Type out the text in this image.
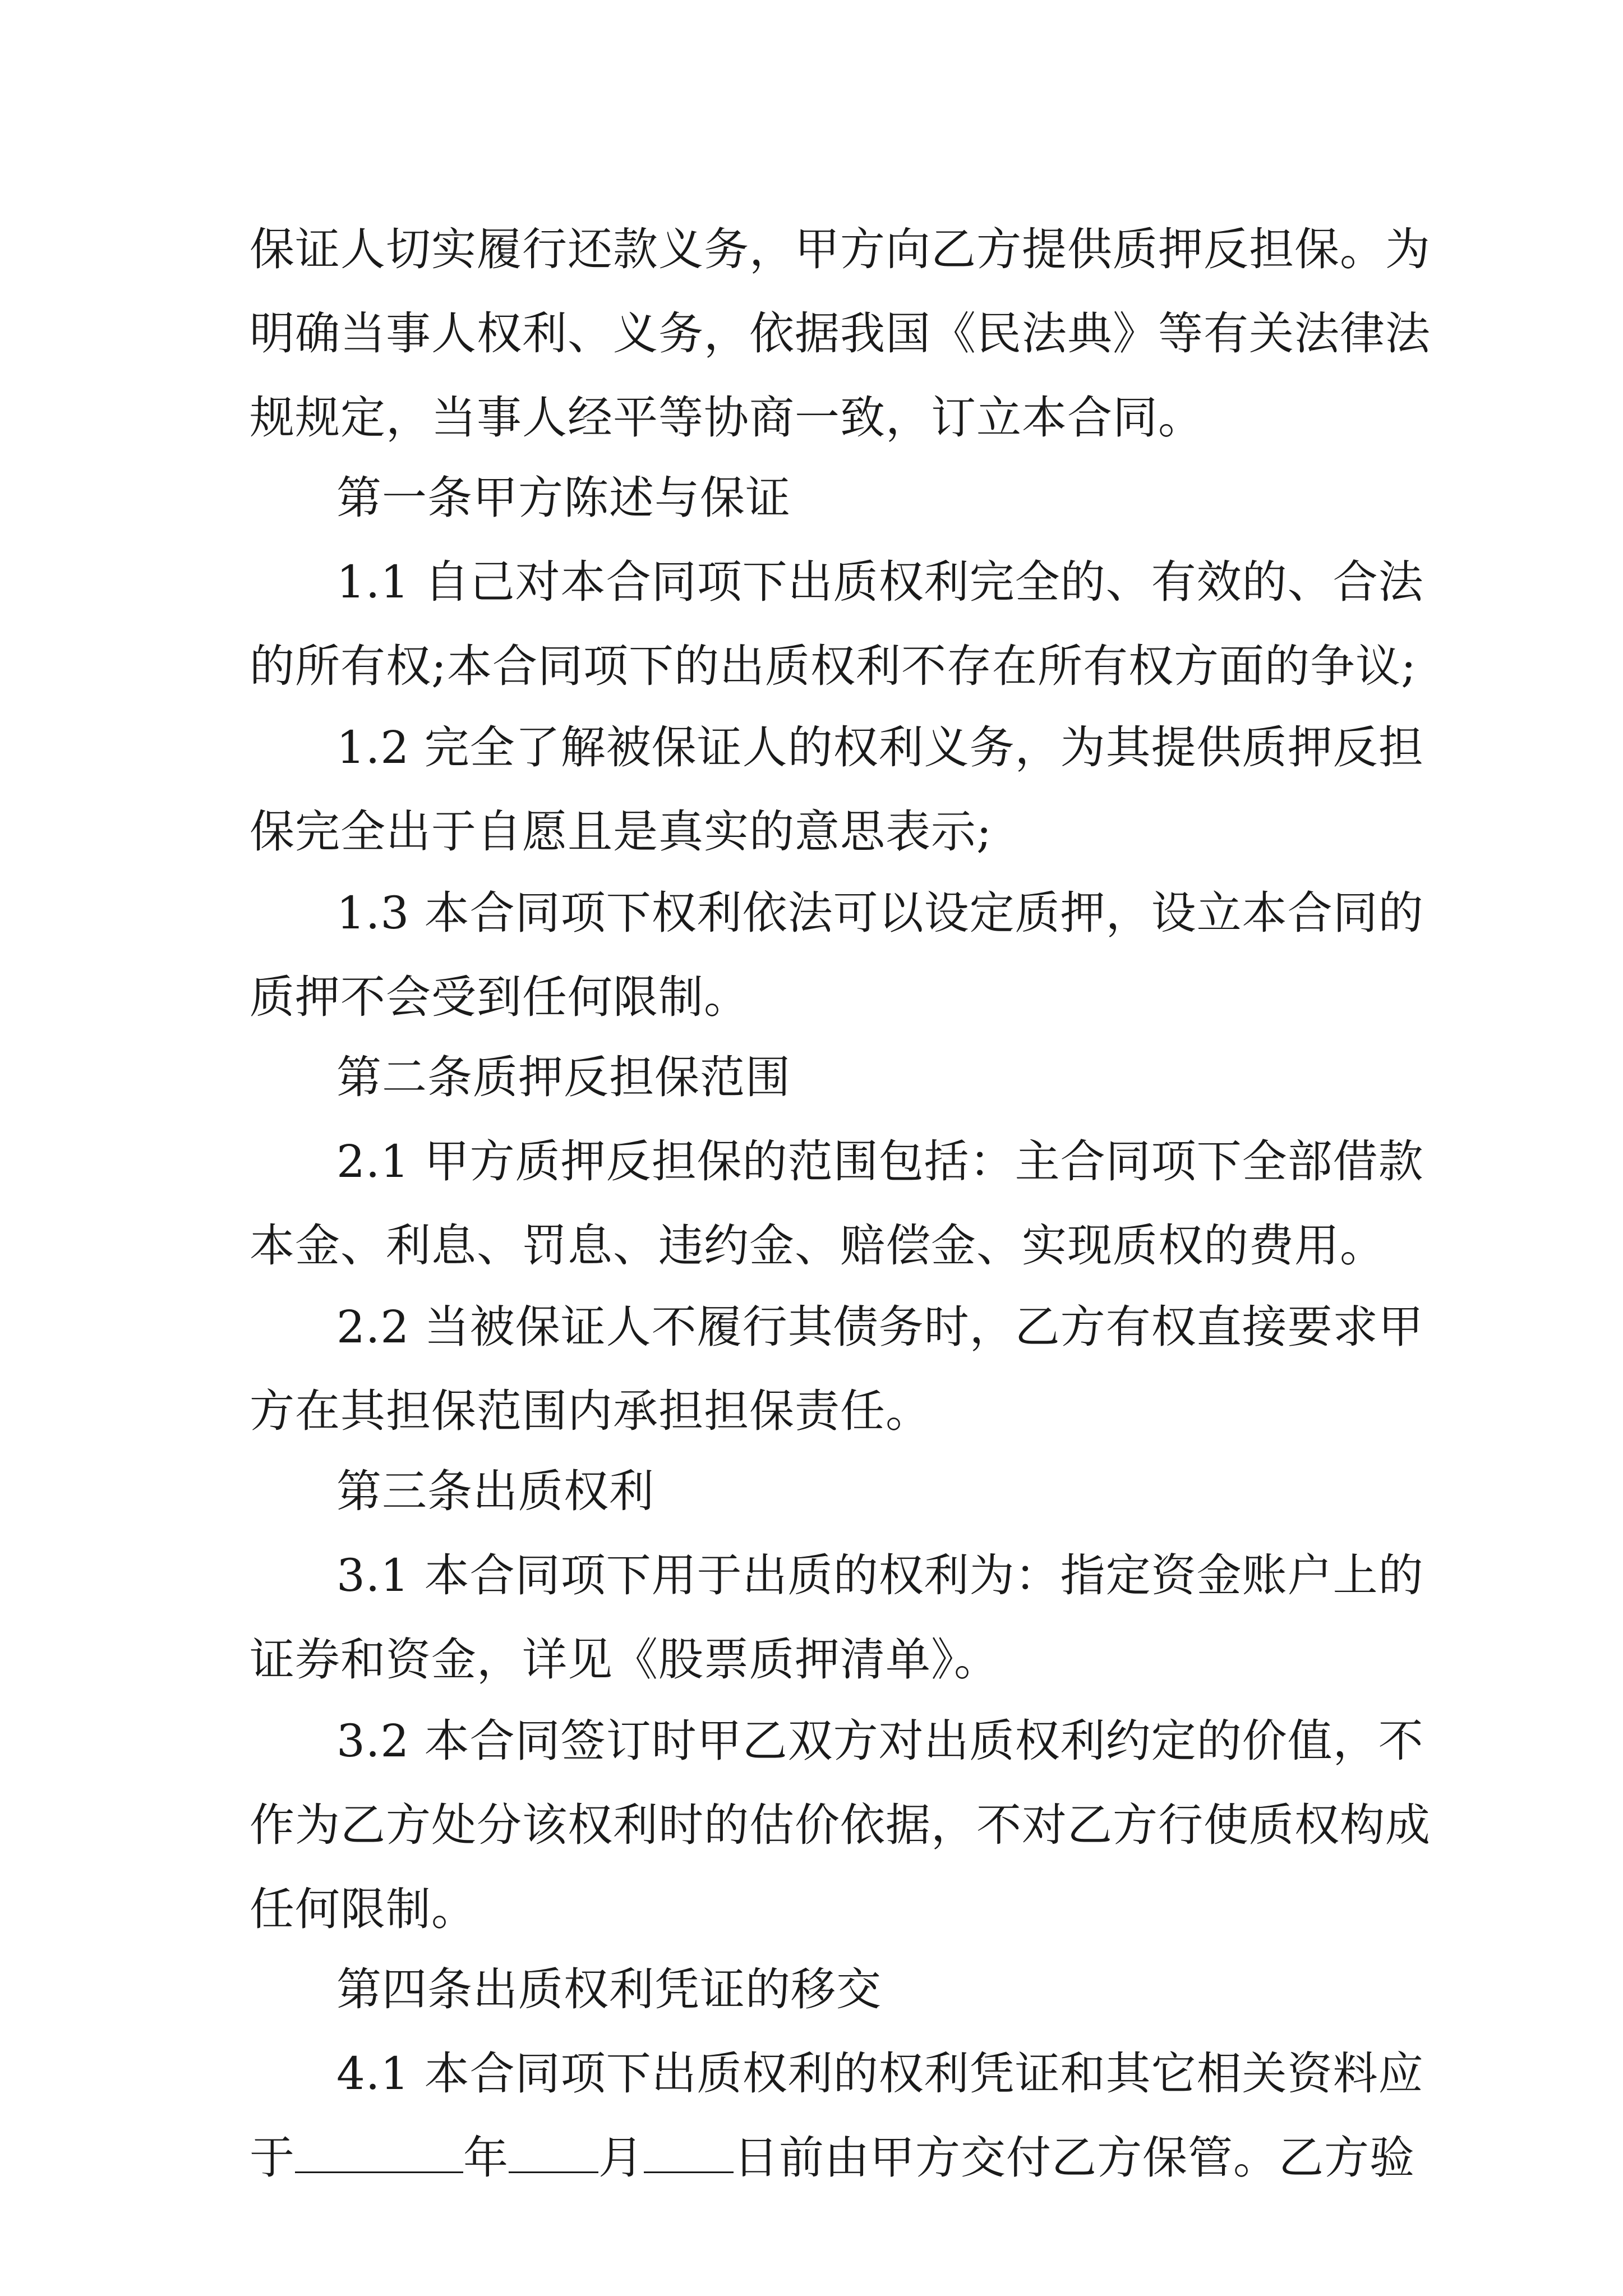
保证人切实履行还款义务，甲方向乙方提供质押反担保。为
明确当事人权利、义务，依据我国《民法典》等有关法律法
规规定，当事人经平等协商一致，订立本合同。
第一条甲方陈述与保证
1.1 自己对本合同项下出质权利完全的、有效的、合法
的所有权;本合同项下的出质权利不存在所有权方面的争议;
1.2 完全了解被保证人的权利义务，为其提供质押反担
保完全出于自愿且是真实的意思表示;
1.3 本合同项下权利依法可以设定质押，设立本合同的
质押不会受到任何限制。
第二条质押反担保范围
2.1 甲方质押反担保的范围包括：主合同项下全部借款
本金、利息、罚息、违约金、赔偿金、实现质权的费用。
2.2 当被保证人不履行其债务时，乙方有权直接要求甲
方在其担保范围内承担担保责任。
第三条出质权利
3.1 本合同项下用于出质的权利为：指定资金账户上的
证券和资金，详见《股票质押清单》。
3.2 本合同签订时甲乙双方对出质权利约定的价值，不
作为乙方处分该权利时的估价依据，不对乙方行使质权构成
任何限制。
第四条出质权利凭证的移交
4.1 本合同项下出质权利的权利凭证和其它相关资料应
于	年 月 日前由甲方交付乙方保管。乙方验
